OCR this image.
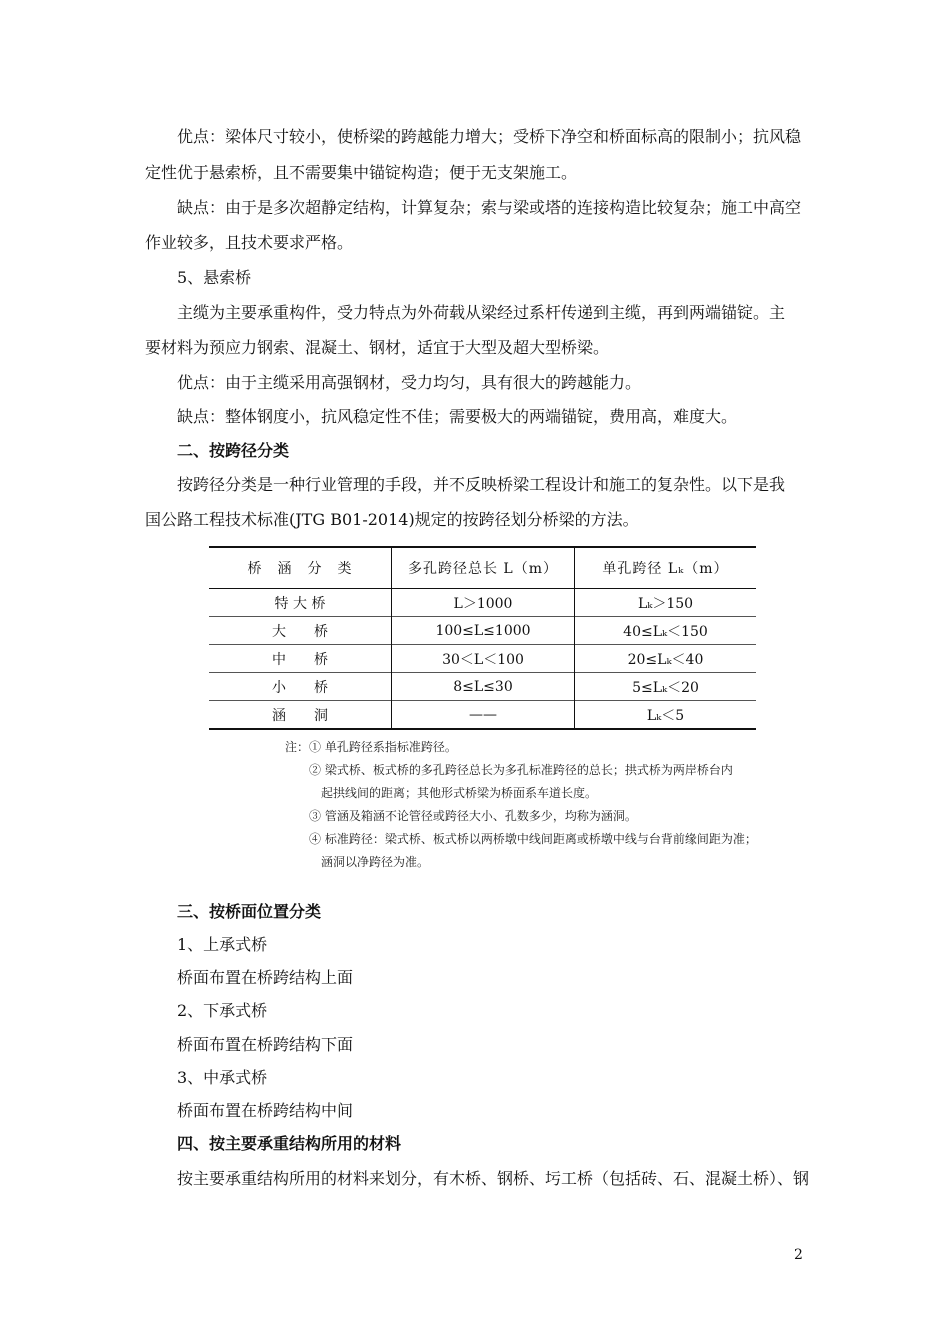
优点：梁体尺寸较小，使桥梁的跨越能力增大；受桥下净空和桥面标高的限制小；抗风稳
定性优于悬索桥，且不需要集中锚锭构造；便于无支架施工。
缺点：由于是多次超静定结构，计算复杂；索与梁或塔的连接构造比较复杂；施工中高空
作业较多，且技术要求严格。
5、悬索桥
主缆为主要承重构件，受力特点为外荷载从梁经过系杆传递到主缆，再到两端锚锭。主
要材料为预应力钢索、混凝土、钢材，适宜于大型及超大型桥梁。
优点：由于主缆采用高强钢材，受力均匀，具有很大的跨越能力。
缺点：整体钢度小，抗风稳定性不佳；需要极大的两端锚锭，费用高，难度大。
二、按跨径分类
按跨径分类是一种行业管理的手段，并不反映桥梁工程设计和施工的复杂性。以下是我
国公路工程技术标准(JTG B01-2014)规定的按跨径划分桥梁的方法。
桥　涵　分　类	多孔跨径总长 L（m）	单孔跨径 Lₖ（m）
特 大 桥	L＞1000	Lₖ＞150
大　　桥	100≤L≤1000	40≤Lₖ＜150
中　　桥	30＜L＜100	20≤Lₖ＜40
小　　桥	8≤L≤30	5≤Lₖ＜20
涵　　洞	——	Lₖ＜5
注：① 单孔跨径系指标准跨径。
　　② 梁式桥、板式桥的多孔跨径总长为多孔标准跨径的总长；拱式桥为两岸桥台内
　　　起拱线间的距离；其他形式桥梁为桥面系车道长度。
　　③ 管涵及箱涵不论管径或跨径大小、孔数多少，均称为涵洞。
　　④ 标准跨径：梁式桥、板式桥以两桥墩中线间距离或桥墩中线与台背前缘间距为准；
　　　涵洞以净跨径为准。
三、按桥面位置分类
1、上承式桥
桥面布置在桥跨结构上面
2、下承式桥
桥面布置在桥跨结构下面
3、中承式桥
桥面布置在桥跨结构中间
四、按主要承重结构所用的材料
按主要承重结构所用的材料来划分，有木桥、钢桥、圬工桥（包括砖、石、混凝土桥）、钢
2
